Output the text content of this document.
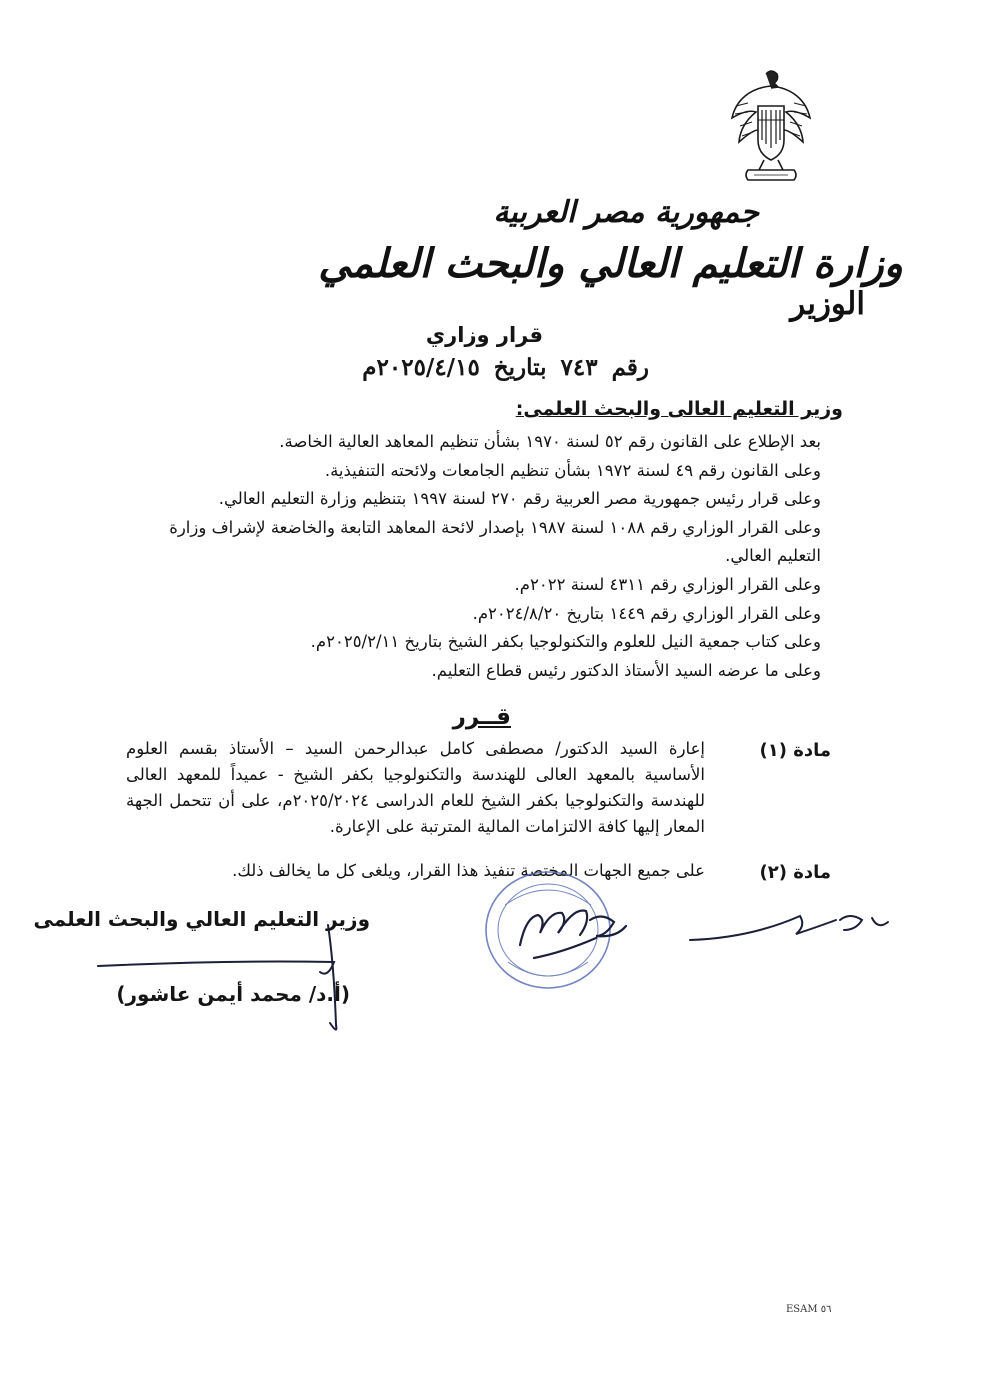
جمهورية مصر العربية
وزارة التعليم العالي والبحث العلمي
الوزير
قرار وزاري
رقم٧٤٣بتاريخ٢٠٢٥/٤/١٥م
وزير التعليم العالى والبحث العلمى:

بعد الإطلاع على القانون رقم ٥٢ لسنة ١٩٧٠ بشأن تنظيم المعاهد العالية الخاصة.

وعلى القانون رقم ٤٩ لسنة ١٩٧٢ بشأن تنظيم الجامعات ولائحته التنفيذية.

وعلى قرار رئيس جمهورية مصر العربية رقم ٢٧٠ لسنة ١٩٩٧ بتنظيم وزارة التعليم العالي.

وعلى القرار الوزاري رقم ١٠٨٨ لسنة ١٩٨٧ بإصدار لائحة المعاهد التابعة والخاضعة لإشراف وزارة التعليم العالي.

وعلى القرار الوزاري رقم ٤٣١١ لسنة ٢٠٢٢م.

وعلى القرار الوزاري رقم ١٤٤٩ بتاريخ ٢٠٢٤/٨/٢٠م.

وعلى كتاب جمعية النيل للعلوم والتكنولوجيا بكفر الشيخ بتاريخ ٢٠٢٥/٢/١١م.

وعلى ما عرضه السيد الأستاذ الدكتور رئيس قطاع التعليم.

قــرر
مادة (١)
إعارة السيد الدكتور/ مصطفى كامل عبدالرحمن السيد – الأستاذ بقسم العلوم الأساسية بالمعهد العالى للهندسة والتكنولوجيا بكفر الشيخ - عميداً للمعهد العالى للهندسة والتكنولوجيا بكفر الشيخ للعام الدراسى ٢٠٢٥/٢٠٢٤م، على أن تتحمل الجهة المعار إليها كافة الالتزامات المالية المترتبة على الإعارة.
مادة (٢)
على جميع الجهات المختصة تنفيذ هذا القرار، ويلغى كل ما يخالف ذلك.
وزير التعليم العالي والبحث العلمى
(أ.د/ محمد أيمن عاشور)
ESAM ٥٦
